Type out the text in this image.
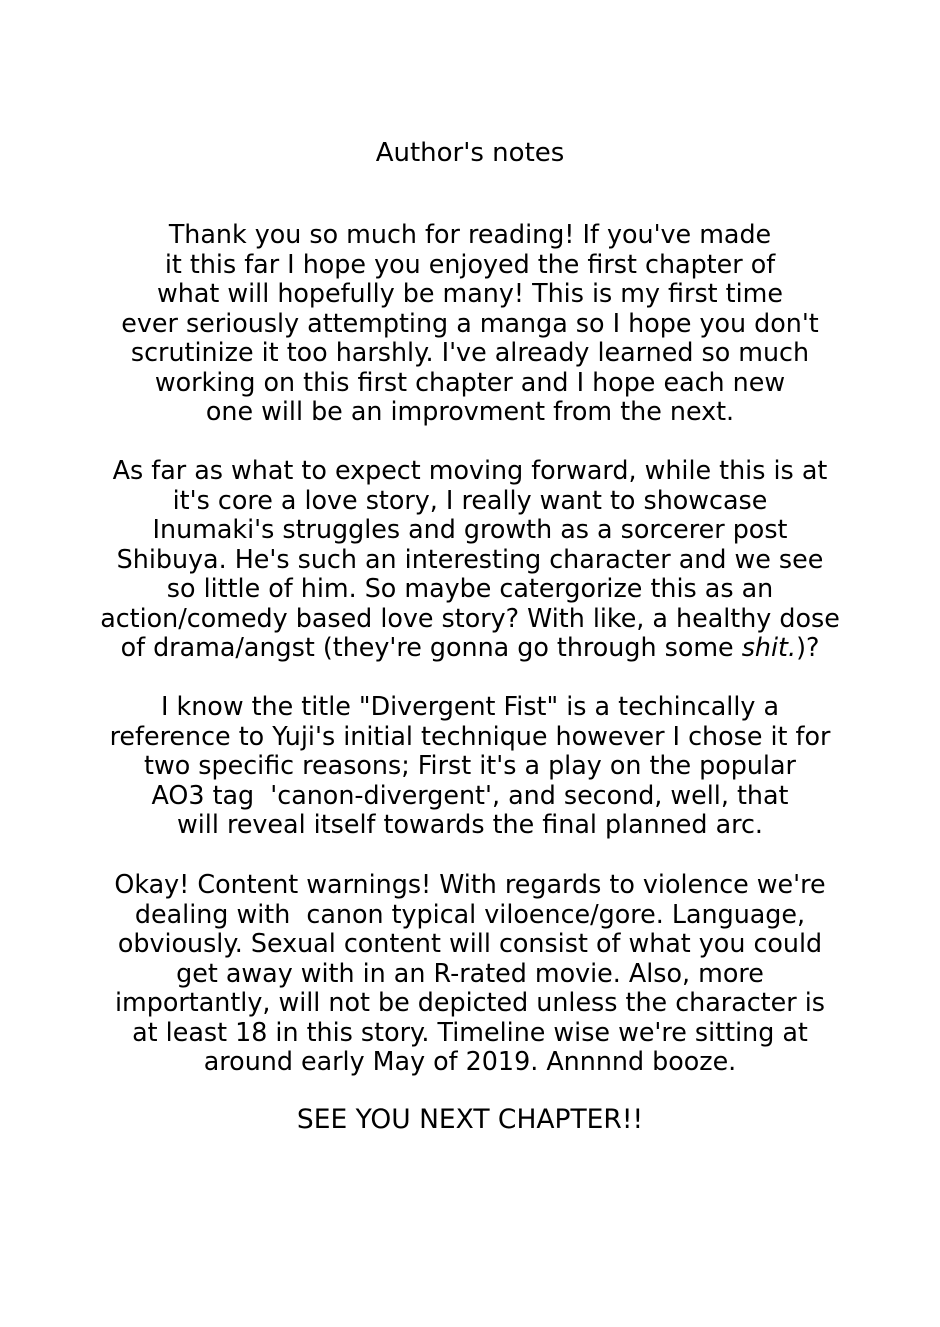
Author's notes
Thank you so much for reading! If you've made
it this far I hope you enjoyed the first chapter of
what will hopefully be many! This is my first time
ever seriously attempting a manga so I hope you don't
scrutinize it too harshly. I've already learned so much
working on this first chapter and I hope each new
one will be an improvment from the next.
As far as what to expect moving forward, while this is at
it's core a love story, I really want to showcase
Inumaki's struggles and growth as a sorcerer post
Shibuya. He's such an interesting character and we see
so little of him. So maybe catergorize this as an
action/comedy based love story? With like, a healthy dose
of drama/angst (they're gonna go through some shit.)?
I know the title "Divergent Fist" is a techincally a
reference to Yuji's initial technique however I chose it for
two specific reasons; First it's a play on the popular
AO3 tag  'canon-divergent', and second, well, that
will reveal itself towards the final planned arc.
Okay! Content warnings! With regards to violence we're
dealing with  canon typical viloence/gore. Language,
obviously. Sexual content will consist of what you could
get away with in an R-rated movie. Also, more
importantly, will not be depicted unless the character is
at least 18 in this story. Timeline wise we're sitting at
around early May of 2019. Annnnd booze.
SEE YOU NEXT CHAPTER!!
